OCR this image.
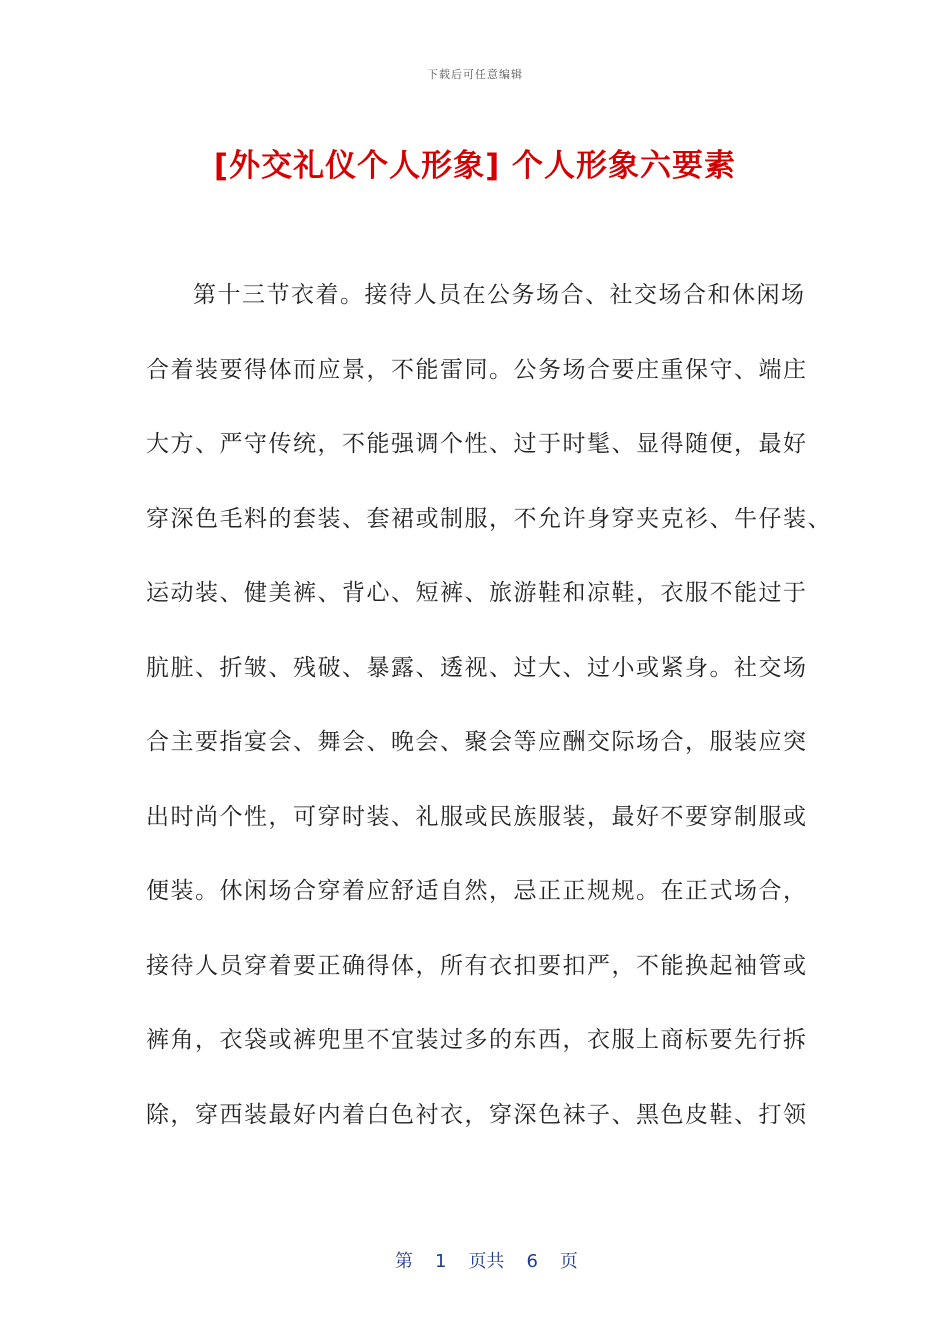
下载后可任意编辑
[外交礼仪个人形象] 个人形象六要素
第十三节衣着。接待人员在公务场合、社交场合和休闲场
合着装要得体而应景，不能雷同。公务场合要庄重保守、端庄
大方、严守传统，不能强调个性、过于时髦、显得随便，最好
穿深色毛料的套装、套裙或制服，不允许身穿夹克衫、牛仔装、
运动装、健美裤、背心、短裤、旅游鞋和凉鞋，衣服不能过于
肮脏、折皱、残破、暴露、透视、过大、过小或紧身。社交场
合主要指宴会、舞会、晚会、聚会等应酬交际场合，服装应突
出时尚个性，可穿时装、礼服或民族服装，最好不要穿制服或
便装。休闲场合穿着应舒适自然，忌正正规规。在正式场合，
接待人员穿着要正确得体，所有衣扣要扣严，不能换起袖管或
裤角，衣袋或裤兜里不宜装过多的东西，衣服上商标要先行拆
除，穿西装最好内着白色衬衣，穿深色袜子、黑色皮鞋、打领

第 1 页共 6 页
